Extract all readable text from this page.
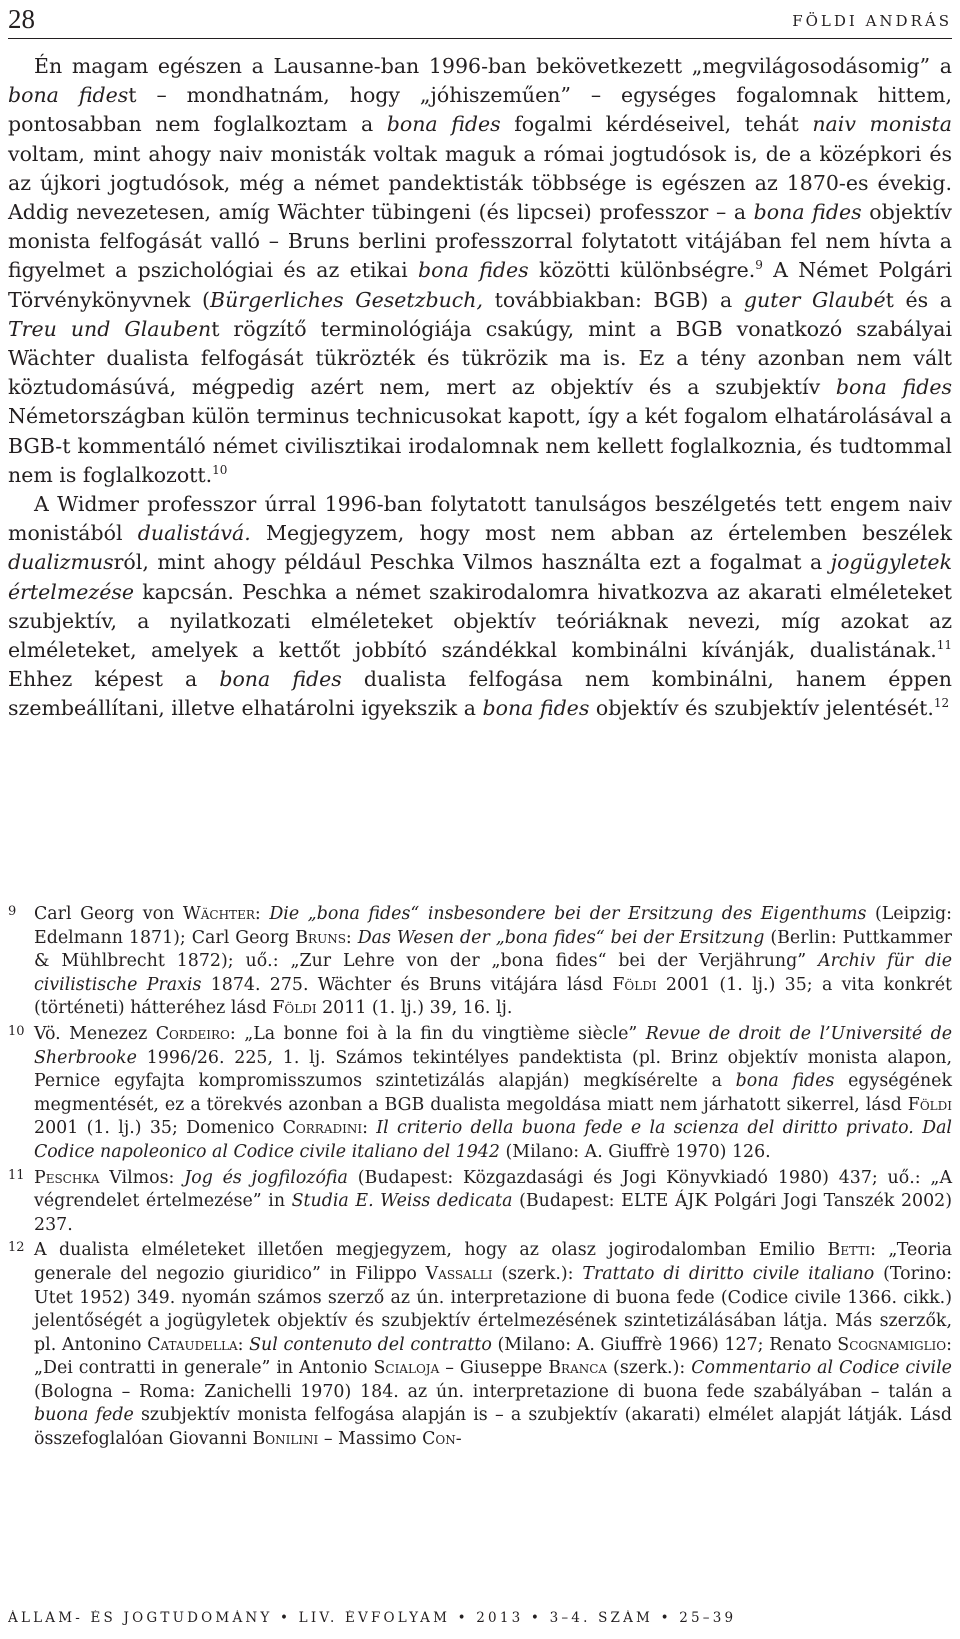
28	FÖLDI ANDRÁS

Én magam egészen a Lausanne-ban 1996-ban bekövetkezett „megvilágosodásomig” a bona fidest – mondhatnám, hogy „jóhiszeműen” – egységes fogalomnak hittem, pontosabban nem foglalkoztam a bona fides fogalmi kérdéseivel, tehát naiv monista voltam, mint ahogy naiv monisták voltak maguk a római jogtudósok is, de a középkori és az újkori jogtudósok, még a német pandektisták többsége is egészen az 1870-es évekig. Addig nevezetesen, amíg Wächter tübingeni (és lipcsei) professzor – a bona fides objektív monista felfogását valló – Bruns berlini professzorral folytatott vitájában fel nem hívta a figyelmet a pszichológiai és az etikai bona fides közötti különbségre.$^9$ A Német Polgári Törvénykönyvnek (Bürgerliches Gesetzbuch, továbbiakban: BGB) a guter Glaubét és a Treu und Glaubent rögzítő terminológiája csakúgy, mint a BGB vonatkozó szabályai Wächter dualista felfogását tükrözték és tükrözik ma is. Ez a tény azonban nem vált köztudomásúvá, mégpedig azért nem, mert az objektív és a szubjektív bona fides Németországban külön terminus technicusokat kapott, így a két fogalom elhatárolásával a BGB-t kommentáló német civilisztikai irodalomnak nem kellett foglalkoznia, és tudtommal nem is foglalkozott.$^{10}$

A Widmer professzor úrral 1996-ban folytatott tanulságos beszélgetés tett engem naiv monistából dualistává. Megjegyzem, hogy most nem abban az értelemben beszélek dualizmusról, mint ahogy például Peschka Vilmos használta ezt a fogalmat a jogügyletek értelmezése kapcsán. Peschka a német szakirodalomra hivatkozva az akarati elméleteket szubjektív, a nyilatkozati elméleteket objektív teóriáknak nevezi, míg azokat az elméleteket, amelyek a kettőt jobbító szándékkal kombinálni kívánják, dualistának.$^{11}$ Ehhez képest a bona fides dualista felfogása nem kombinálni, hanem éppen szembeállítani, illetve elhatárolni igyekszik a bona fides objektív és szubjektív jelentését.$^{12}$

9 Carl Georg von Wächter: Die „bona fides“ insbesondere bei der Ersitzung des Eigenthums (Leipzig: Edelmann 1871); Carl Georg Bruns: Das Wesen der „bona fides“ bei der Ersitzung (Berlin: Puttkammer & Mühlbrecht 1872); uő.: „Zur Lehre von der „bona fides“ bei der Verjährung” Archiv für die civilistische Praxis 1874. 275. Wächter és Bruns vitájára lásd Földi 2001 (1. lj.) 35; a vita konkrét (történeti) hátteréhez lásd Földi 2011 (1. lj.) 39, 16. lj.
10 Vö. Menezez Cordeiro: „La bonne foi à la fin du vingtième siècle” Revue de droit de l’Université de Sherbrooke 1996/26. 225, 1. lj. Számos tekintélyes pandektista (pl. Brinz objektív monista alapon, Pernice egyfajta kompromisszumos szintetizálás alapján) megkísérelte a bona fides egységének megmentését, ez a törekvés azonban a BGB dualista megoldása miatt nem járhatott sikerrel, lásd Földi 2001 (1. lj.) 35; Domenico Corradini: Il criterio della buona fede e la scienza del diritto privato. Dal Codice napoleonico al Codice civile italiano del 1942 (Milano: A. Giuffrè 1970) 126.
11 Peschka Vilmos: Jog és jogfilozófia (Budapest: Közgazdasági és Jogi Könyvkiadó 1980) 437; uő.: „A végrendelet értelmezése” in Studia E. Weiss dedicata (Budapest: ELTE ÁJK Polgári Jogi Tanszék 2002) 237.
12 A dualista elméleteket illetően megjegyzem, hogy az olasz jogirodalomban Emilio Betti: „Teoria generale del negozio giuridico” in Filippo Vassalli (szerk.): Trattato di diritto civile italiano (Torino: Utet 1952) 349. nyomán számos szerző az ún. interpretazione di buona fede (Codice civile 1366. cikk.) jelentőségét a jogügyletek objektív és szubjektív értelmezésének szintetizálásában látja. Más szerzők, pl. Antonino Cataudella: Sul contenuto del contratto (Milano: A. Giuffrè 1966) 127; Renato Scognamiglio: „Dei contratti in generale” in Antonio Scialoja – Giuseppe Branca (szerk.): Commentario al Codice civile (Bologna – Roma: Zanichelli 1970) 184. az ún. interpretazione di buona fede szabályában – talán a buona fede szubjektív monista felfogása alapján is – a szubjektív (akarati) elmélet alapját látják. Lásd összefoglalóan Giovanni Bonilini – Massimo Con-
ÁLLAM- ÉS JOGTUDOMÁNY • LIV. ÉVFOLYAM • 2013 • 3–4. SZÁM • 25–39
